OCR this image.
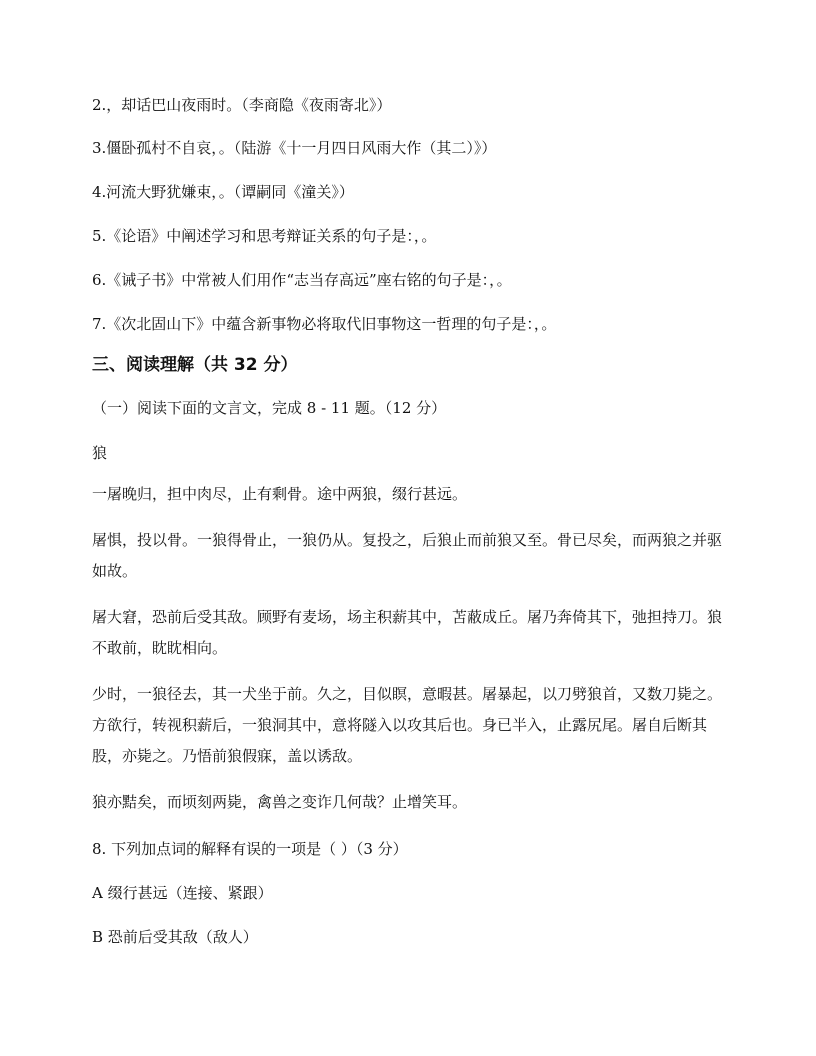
2.，却话巴山夜雨时。（李商隐《夜雨寄北》）
3.僵卧孤村不自哀，。（陆游《十一月四日风雨大作（其二）》）
4.河流大野犹嫌束，。（谭嗣同《潼关》）
5.《论语》中阐述学习和思考辩证关系的句子是：，。
6.《诫子书》中常被人们用作“志当存高远”座右铭的句子是：，。
7.《次北固山下》中蕴含新事物必将取代旧事物这一哲理的句子是：，。
三、阅读理解（共 32 分）
（一）阅读下面的文言文，完成 8 - 11 题。（12 分）
狼
一屠晚归，担中肉尽，止有剩骨。途中两狼，缀行甚远。
屠惧，投以骨。一狼得骨止，一狼仍从。复投之，后狼止而前狼又至。骨已尽矣，而两狼之并驱如故。
屠大窘，恐前后受其敌。顾野有麦场，场主积薪其中，苫蔽成丘。屠乃奔倚其下，弛担持刀。狼不敢前，眈眈相向。
少时，一狼径去，其一犬坐于前。久之，目似瞑，意暇甚。屠暴起，以刀劈狼首，又数刀毙之。方欲行，转视积薪后，一狼洞其中，意将隧入以攻其后也。身已半入，止露尻尾。屠自后断其股，亦毙之。乃悟前狼假寐，盖以诱敌。
狼亦黠矣，而顷刻两毙，禽兽之变诈几何哉？止增笑耳。
8. 下列加点词的解释有误的一项是（ ）（3 分）
A 缀行甚远（连接、紧跟）
B 恐前后受其敌（敌人）
